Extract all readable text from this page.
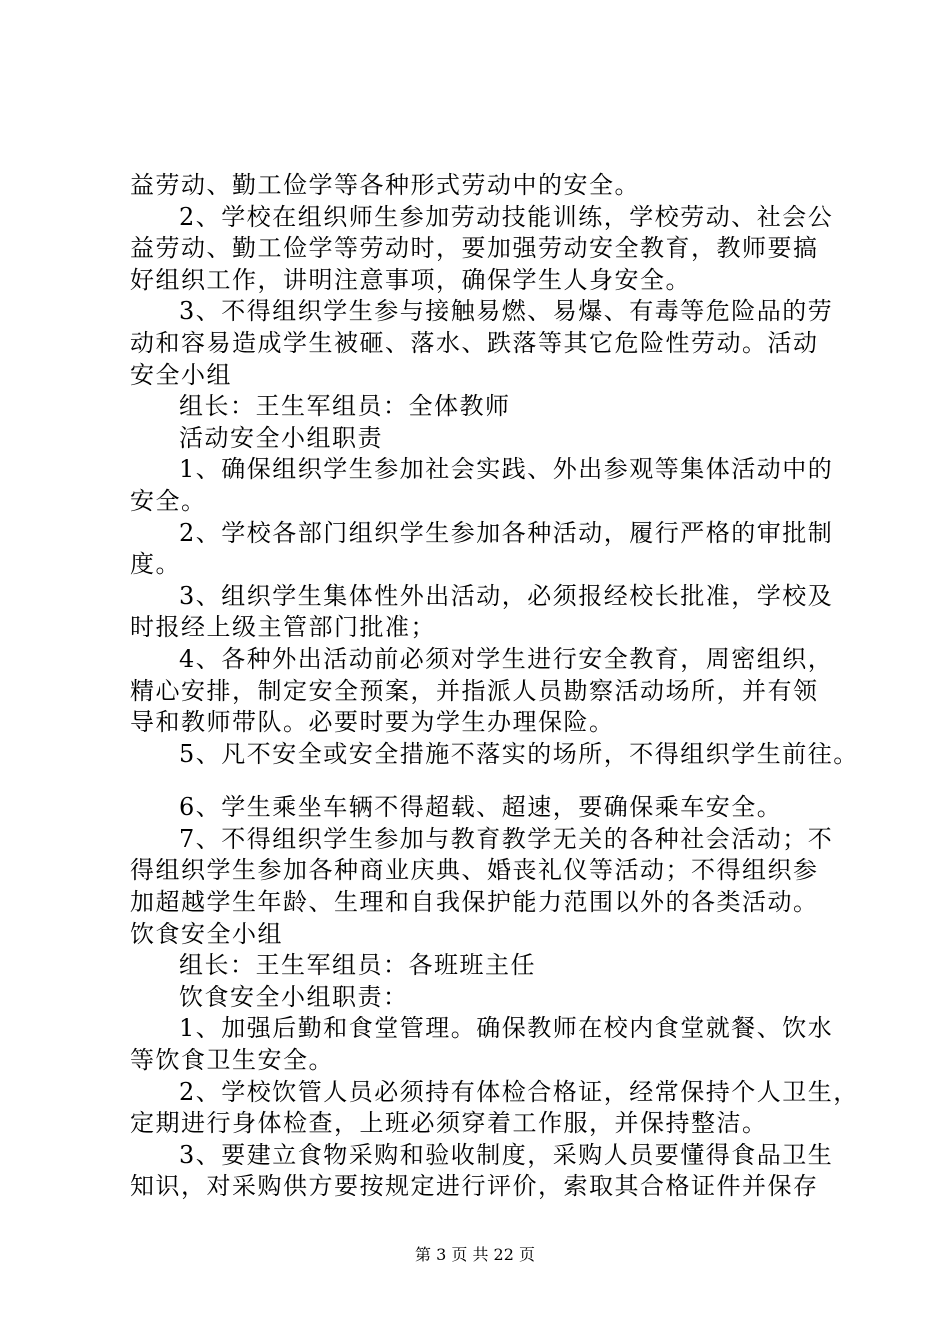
益劳动、勤工俭学等各种形式劳动中的安全。
2、学校在组织师生参加劳动技能训练，学校劳动、社会公
益劳动、勤工俭学等劳动时，要加强劳动安全教育，教师要搞
好组织工作，讲明注意事项，确保学生人身安全。
3、不得组织学生参与接触易燃、易爆、有毒等危险品的劳
动和容易造成学生被砸、落水、跌落等其它危险性劳动。活动
安全小组
组长：王生军组员：全体教师
活动安全小组职责
1、确保组织学生参加社会实践、外出参观等集体活动中的
安全。
2、学校各部门组织学生参加各种活动，履行严格的审批制
度。
3、组织学生集体性外出活动，必须报经校长批准，学校及
时报经上级主管部门批准；
4、各种外出活动前必须对学生进行安全教育，周密组织，
精心安排，制定安全预案，并指派人员勘察活动场所，并有领
导和教师带队。必要时要为学生办理保险。
5、凡不安全或安全措施不落实的场所，不得组织学生前往。
6、学生乘坐车辆不得超载、超速，要确保乘车安全。
7、不得组织学生参加与教育教学无关的各种社会活动；不
得组织学生参加各种商业庆典、婚丧礼仪等活动；不得组织参
加超越学生年龄、生理和自我保护能力范围以外的各类活动。
饮食安全小组
组长：王生军组员：各班班主任
饮食安全小组职责：
1、加强后勤和食堂管理。确保教师在校内食堂就餐、饮水
等饮食卫生安全。
2、学校饮管人员必须持有体检合格证，经常保持个人卫生，
定期进行身体检查，上班必须穿着工作服，并保持整洁。
3、要建立食物采购和验收制度，采购人员要懂得食品卫生
知识，对采购供方要按规定进行评价，索取其合格证件并保存
第 3 页 共 22 页
